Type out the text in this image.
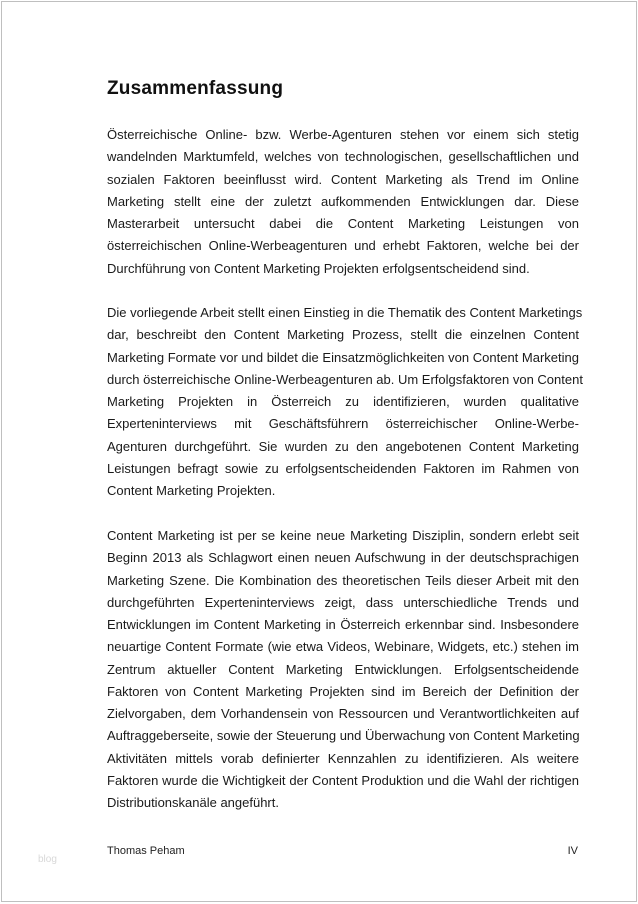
Zusammenfassung
Österreichische Online- bzw. Werbe-Agenturen stehen vor einem sich stetig
wandelnden Marktumfeld, welches von technologischen, gesellschaftlichen und
sozialen Faktoren beeinflusst wird. Content Marketing als Trend im Online
Marketing stellt eine der zuletzt aufkommenden Entwicklungen dar. Diese
Masterarbeit untersucht dabei die Content Marketing Leistungen von
österreichischen Online-Werbeagenturen und erhebt Faktoren, welche bei der
Durchführung von Content Marketing Projekten erfolgsentscheidend sind.
Die vorliegende Arbeit stellt einen Einstieg in die Thematik des Content Marketings
dar, beschreibt den Content Marketing Prozess, stellt die einzelnen Content
Marketing Formate vor und bildet die Einsatzmöglichkeiten von Content Marketing
durch österreichische Online-Werbeagenturen ab. Um Erfolgsfaktoren von Content
Marketing Projekten in Österreich zu identifizieren, wurden qualitative
Experteninterviews mit Geschäftsführern österreichischer Online-Werbe-
Agenturen durchgeführt. Sie wurden zu den angebotenen Content Marketing
Leistungen befragt sowie zu erfolgsentscheidenden Faktoren im Rahmen von
Content Marketing Projekten.
Content Marketing ist per se keine neue Marketing Disziplin, sondern erlebt seit
Beginn 2013 als Schlagwort einen neuen Aufschwung in der deutschsprachigen
Marketing Szene. Die Kombination des theoretischen Teils dieser Arbeit mit den
durchgeführten Experteninterviews zeigt, dass unterschiedliche Trends und
Entwicklungen im Content Marketing in Österreich erkennbar sind. Insbesondere
neuartige Content Formate (wie etwa Videos, Webinare, Widgets, etc.) stehen im
Zentrum aktueller Content Marketing Entwicklungen. Erfolgsentscheidende
Faktoren von Content Marketing Projekten sind im Bereich der Definition der
Zielvorgaben, dem Vorhandensein von Ressourcen und Verantwortlichkeiten auf
Auftraggeberseite, sowie der Steuerung und Überwachung von Content Marketing
Aktivitäten mittels vorab definierter Kennzahlen zu identifizieren. Als weitere
Faktoren wurde die Wichtigkeit der Content Produktion und die Wahl der richtigen
Distributionskanäle angeführt.
blog
Thomas Peham	IV
